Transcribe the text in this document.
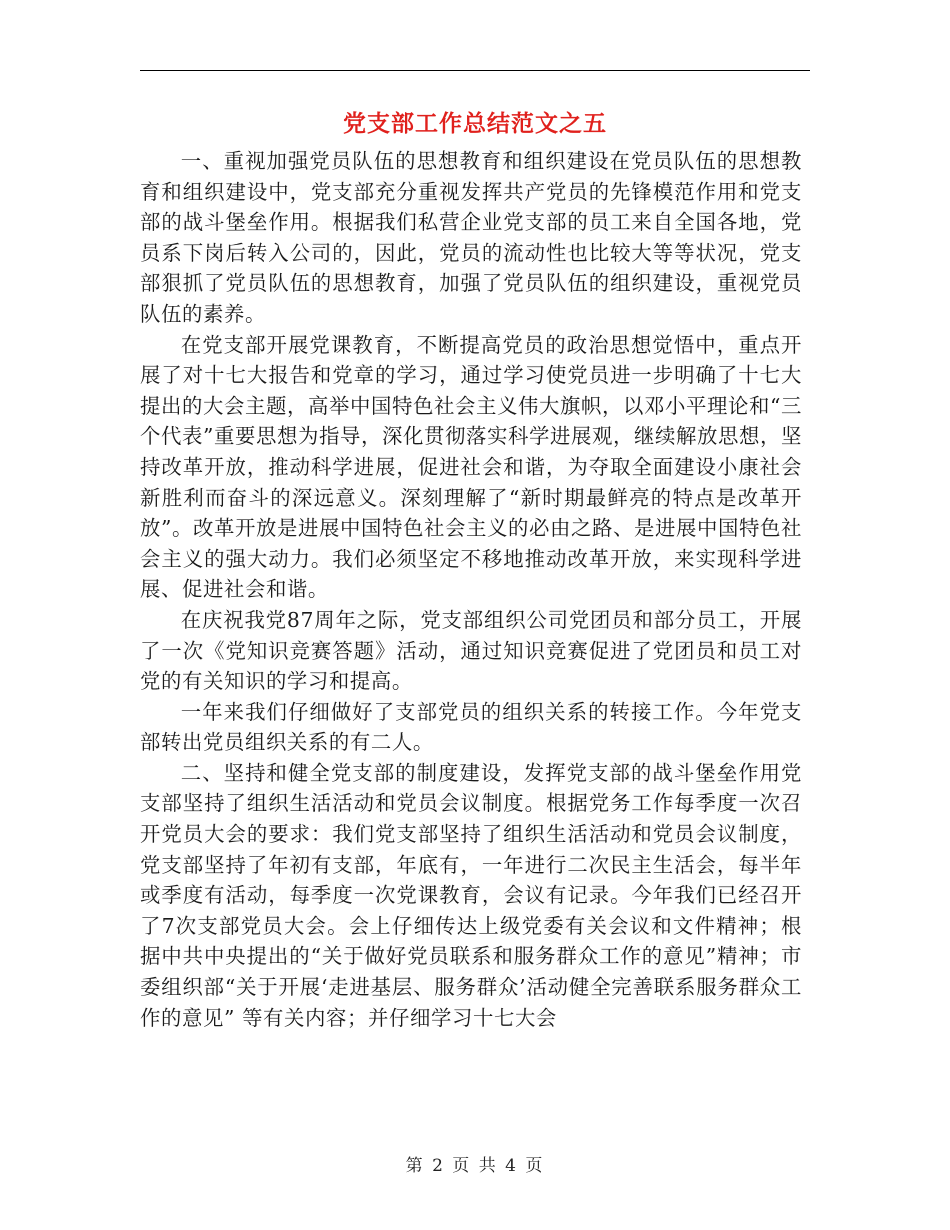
党支部工作总结范文之五

一、重视加强党员队伍的思想教育和组织建设在党员队伍的思想教育和组织建设中，党支部充分重视发挥共产党员的先锋模范作用和党支部的战斗堡垒作用。根据我们私营企业党支部的员工来自全国各地，党员系下岗后转入公司的，因此，党员的流动性也比较大等等状况，党支部狠抓了党员队伍的思想教育，加强了党员队伍的组织建设，重视党员队伍的素养。

在党支部开展党课教育，不断提高党员的政治思想觉悟中，重点开展了对十七大报告和党章的学习，通过学习使党员进一步明确了十七大提出的大会主题，高举中国特色社会主义伟大旗帜，以邓小平理论和“三个代表”重要思想为指导，深化贯彻落实科学进展观，继续解放思想，坚持改革开放，推动科学进展，促进社会和谐，为夺取全面建设小康社会新胜利而奋斗的深远意义。深刻理解了“新时期最鲜亮的特点是改革开放”。改革开放是进展中国特色社会主义的必由之路、是进展中国特色社会主义的强大动力。我们必须坚定不移地推动改革开放，来实现科学进展、促进社会和谐。

在庆祝我党87周年之际，党支部组织公司党团员和部分员工，开展了一次《党知识竞赛答题》活动，通过知识竞赛促进了党团员和员工对党的有关知识的学习和提高。

一年来我们仔细做好了支部党员的组织关系的转接工作。今年党支部转出党员组织关系的有二人。

二、坚持和健全党支部的制度建设，发挥党支部的战斗堡垒作用党支部坚持了组织生活活动和党员会议制度。根据党务工作每季度一次召开党员大会的要求：我们党支部坚持了组织生活活动和党员会议制度，党支部坚持了年初有支部，年底有，一年进行二次民主生活会，每半年或季度有活动，每季度一次党课教育，会议有记录。今年我们已经召开了7次支部党员大会。会上仔细传达上级党委有关会议和文件精神；根据中共中央提出的“关于做好党员联系和服务群众工作的意见”精神；市委组织部“关于开展‘走进基层、服务群众’活动健全完善联系服务群众工作的意见” 等有关内容；并仔细学习十七大会

第 2 页 共 4 页
